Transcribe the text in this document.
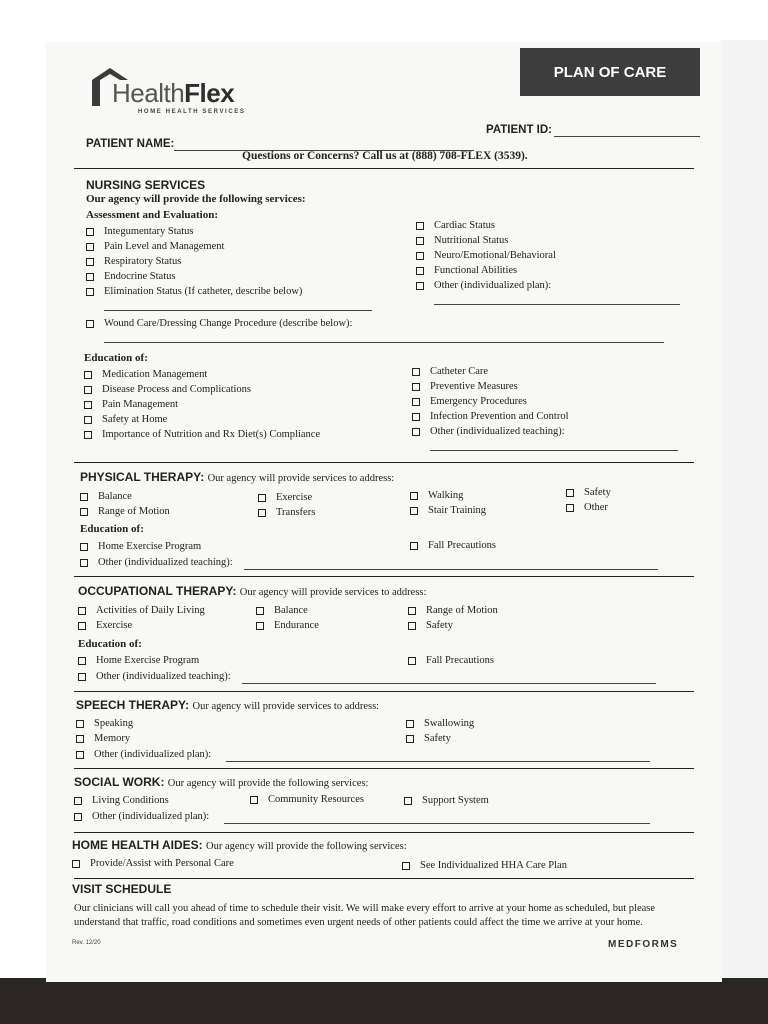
HealthFlex
HOME HEALTH SERVICES
PLAN OF CARE
PATIENT NAME:
PATIENT ID:
Questions or Concerns? Call us at (888) 708-FLEX (3539).
NURSING SERVICES
Our agency will provide the following services:
Assessment and Evaluation:
Integumentary Status
Pain Level and Management
Respiratory Status
Endocrine Status
Elimination Status (If catheter, describe below)
Cardiac Status
Nutritional Status
Neuro/Emotional/Behavioral
Functional Abilities
Other (individualized plan):
Wound Care/Dressing Change Procedure (describe below):
Education of:
Medication Management
Disease Process and Complications
Pain Management
Safety at Home
Importance of Nutrition and Rx Diet(s) Compliance
Catheter Care
Preventive Measures
Emergency Procedures
Infection Prevention and Control
Other (individualized teaching):
PHYSICAL THERAPY: Our agency will provide services to address:
Balance
Range of Motion
Exercise
Transfers
Walking
Stair Training
Safety
Other
Education of:
Home Exercise Program	Fall Precautions
Other (individualized teaching):
OCCUPATIONAL THERAPY: Our agency will provide services to address:
Activities of Daily Living
Exercise
Balance
Endurance
Range of Motion
Safety
Education of:
Home Exercise Program	Fall Precautions
Other (individualized teaching):
SPEECH THERAPY: Our agency will provide services to address:
Speaking
Memory
Swallowing
Safety
Other (individualized plan):
SOCIAL WORK: Our agency will provide the following services:
Living Conditions	Community Resources	Support System
Other (individualized plan):
HOME HEALTH AIDES: Our agency will provide the following services:
Provide/Assist with Personal Care	See Individualized HHA Care Plan
VISIT SCHEDULE
Our clinicians will call you ahead of time to schedule their visit. We will make every effort to arrive at your home as scheduled, but please understand that traffic, road conditions and sometimes even urgent needs of other patients could affect the time we arrive at your home.
Rev. 12/20	MEDFORMS
